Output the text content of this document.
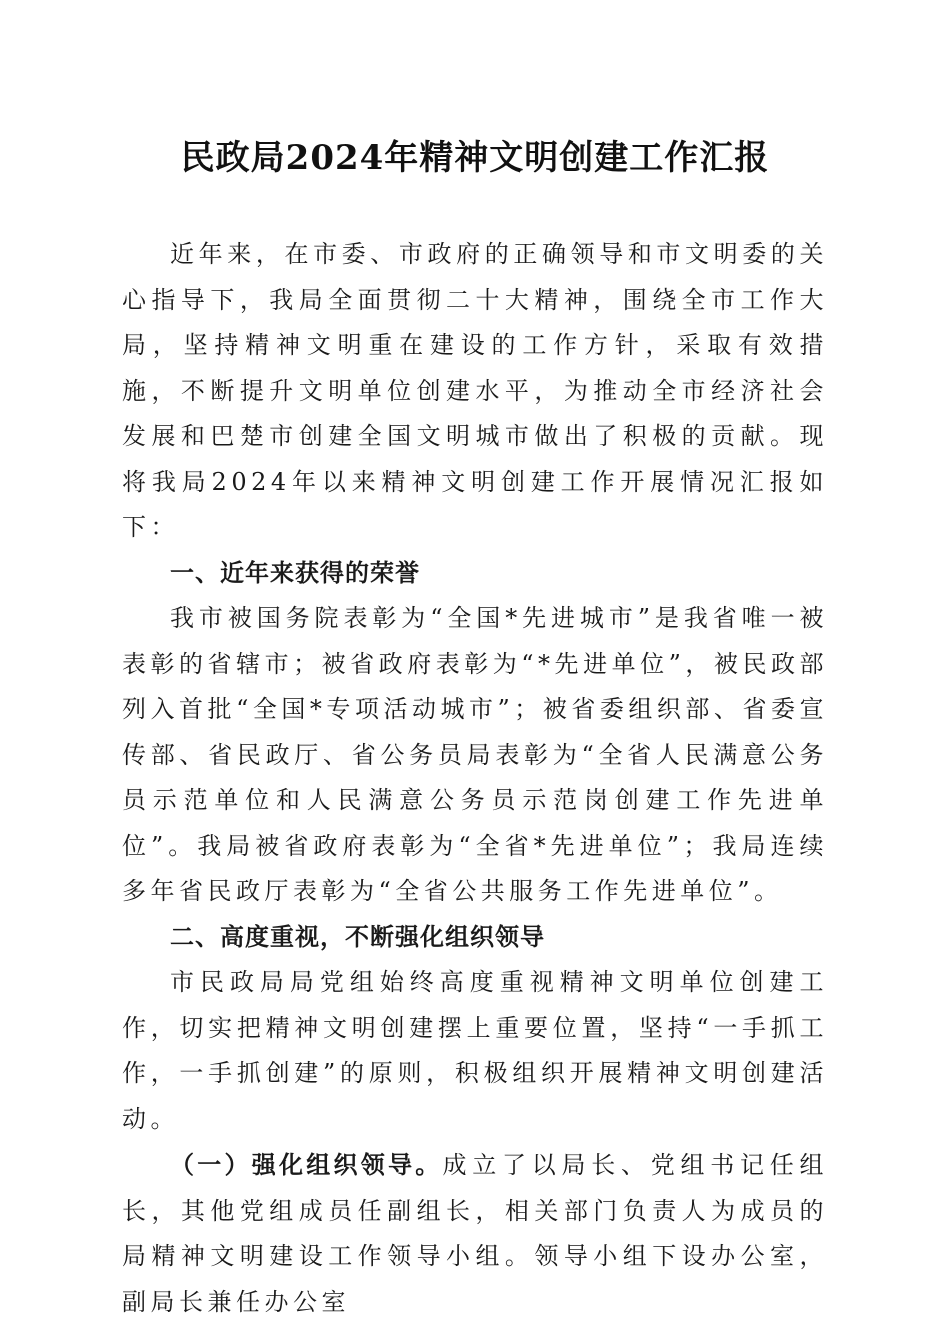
民政局2024年精神文明创建工作汇报

近年来，在市委、市政府的正确领导和市文明委的关心指导下，我局全面贯彻二十大精神，围绕全市工作大局，坚持精神文明重在建设的工作方针，采取有效措施，不断提升文明单位创建水平，为推动全市经济社会发展和巴楚市创建全国文明城市做出了积极的贡献。现将我局2024年以来精神文明创建工作开展情况汇报如下：

一、近年来获得的荣誉

我市被国务院表彰为“全国*先进城市”是我省唯一被表彰的省辖市；被省政府表彰为“*先进单位”，被民政部列入首批“全国*专项活动城市”；被省委组织部、省委宣传部、省民政厅、省公务员局表彰为“全省人民满意公务员示范单位和人民满意公务员示范岗创建工作先进单位”。我局被省政府表彰为“全省*先进单位”；我局连续多年省民政厅表彰为“全省公共服务工作先进单位”。

二、高度重视，不断强化组织领导

市民政局局党组始终高度重视精神文明单位创建工作，切实把精神文明创建摆上重要位置，坚持“一手抓工作，一手抓创建”的原则，积极组织开展精神文明创建活动。

（一）强化组织领导。成立了以局长、党组书记任组长，其他党组成员任副组长，相关部门负责人为成员的局精神文明建设工作领导小组。领导小组下设办公室，副局长兼任办公室
